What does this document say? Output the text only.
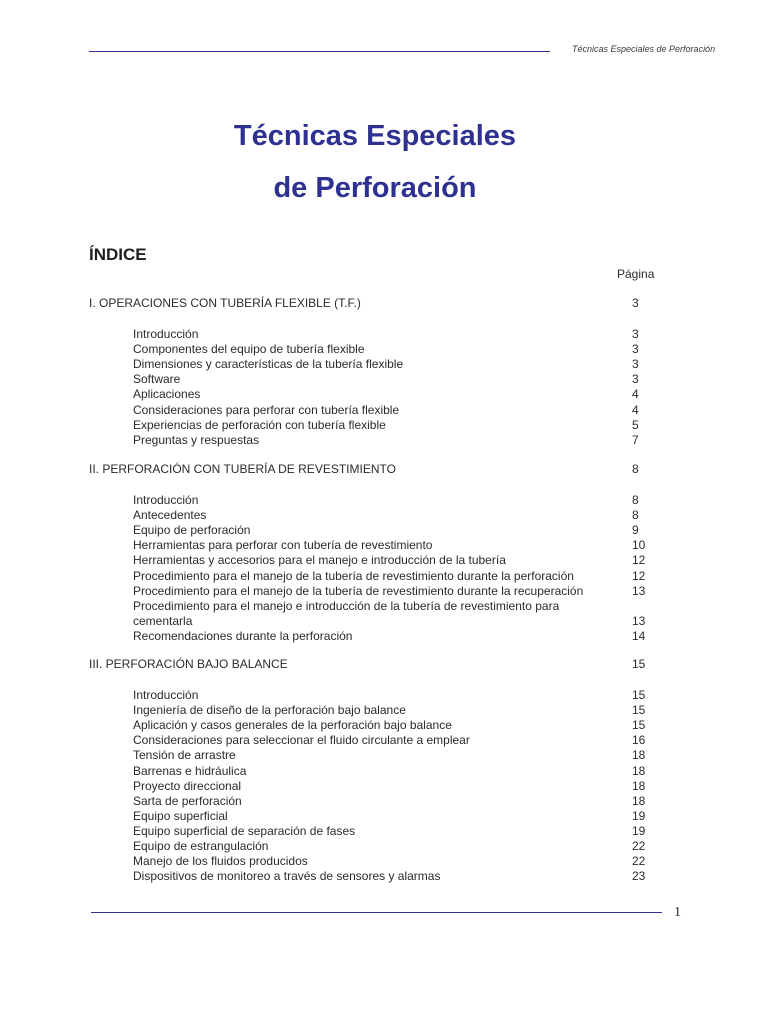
Técnicas Especiales de Perforación
Técnicas Especiales
de Perforación
ÍNDICE
Página
I. OPERACIONES CON TUBERÍA FLEXIBLE (T.F.)	3
Introducción	3
Componentes del equipo de tubería flexible	3
Dimensiones y características de la tubería flexible	3
Software	3
Aplicaciones	4
Consideraciones para perforar con tubería flexible	4
Experiencias de perforación con tubería flexible	5
Preguntas y respuestas	7
II. PERFORACIÓN CON TUBERÍA DE REVESTIMIENTO	8
Introducción	8
Antecedentes	8
Equipo de perforación	9
Herramientas para perforar con tubería de revestimiento	10
Herramientas y accesorios para el manejo e introducción de la tubería	12
Procedimiento para el manejo de la tubería de revestimiento durante la perforación	12
Procedimiento para el manejo de la tubería de revestimiento durante la recuperación	13
Procedimiento para el manejo e introducción de la tubería de revestimiento para
cementarla	13
Recomendaciones durante la perforación	14
III. PERFORACIÓN BAJO BALANCE	15
Introducción	15
Ingeniería de diseño de la perforación bajo balance	15
Aplicación y casos generales de la perforación bajo balance	15
Consideraciones para seleccionar el fluido circulante a emplear	16
Tensión de arrastre	18
Barrenas e hidráulica	18
Proyecto direccional	18
Sarta de perforación	18
Equipo superficial	19
Equipo superficial de separación de fases	19
Equipo de estrangulación	22
Manejo de los fluidos producidos	22
Dispositivos de monitoreo a través de sensores y alarmas	23
1
